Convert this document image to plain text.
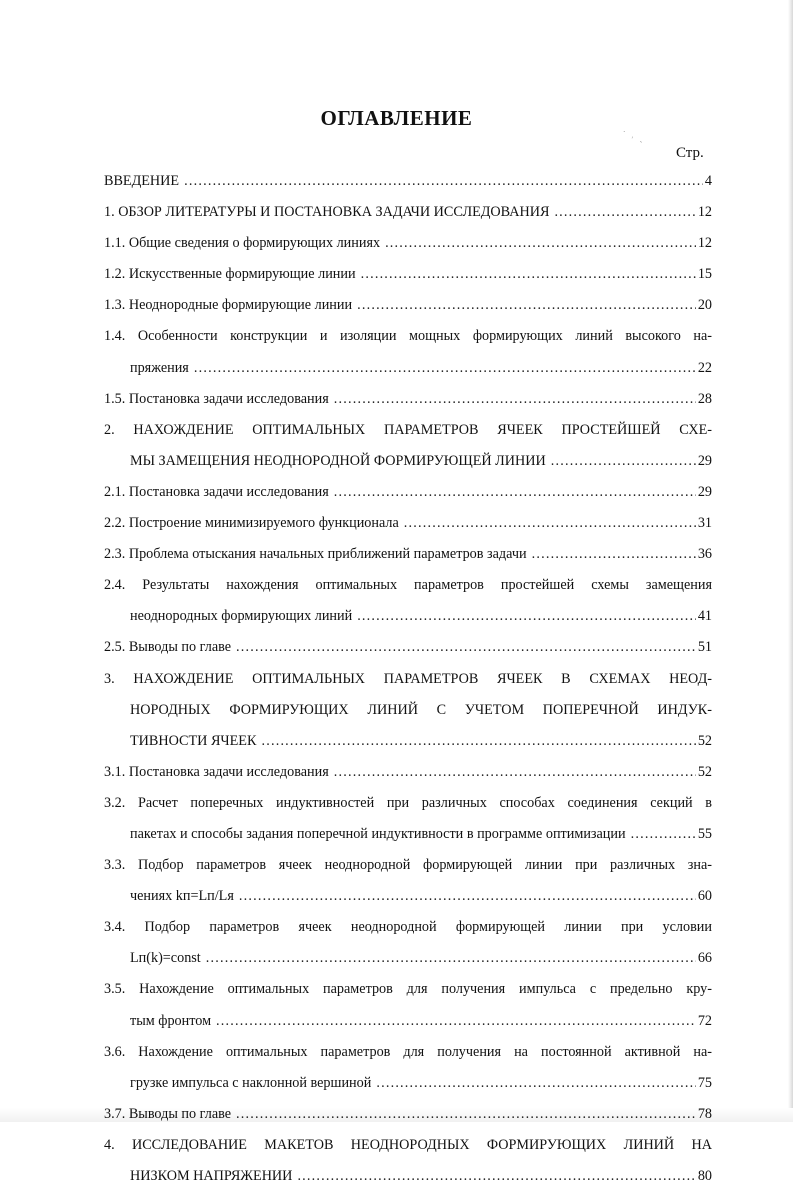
˙ ˒ ˎ
ОГЛАВЛЕНИЕ
Стр.
ВВЕДЕНИЕ .....	4
1. ОБЗОР ЛИТЕРАТУРЫ И ПОСТАНОВКА ЗАДАЧИ ИССЛЕДОВАНИЯ .....	12
1.1. Общие сведения о формирующих линиях .....	12
1.2. Искусственные формирующие линии .....	15
1.3. Неоднородные формирующие линии .....	20
1.4. Особенности конструкции и изоляции мощных формирующих линий высокого на-
пряжения .....	22
1.5. Постановка задачи исследования .....	28
2. НАХОЖДЕНИЕ ОПТИМАЛЬНЫХ ПАРАМЕТРОВ ЯЧЕЕК ПРОСТЕЙШЕЙ СХЕ-
МЫ ЗАМЕЩЕНИЯ НЕОДНОРОДНОЙ ФОРМИРУЮЩЕЙ ЛИНИИ .....	29
2.1. Постановка задачи исследования .....	29
2.2. Построение минимизируемого функционала .....	31
2.3. Проблема отыскания начальных приближений параметров задачи .....	36
2.4. Результаты нахождения оптимальных параметров простейшей схемы замещения
неоднородных формирующих линий .....	41
2.5. Выводы по главе .....	51
3. НАХОЖДЕНИЕ ОПТИМАЛЬНЫХ ПАРАМЕТРОВ ЯЧЕЕК В СХЕМАХ НЕОД-
НОРОДНЫХ ФОРМИРУЮЩИХ ЛИНИЙ С УЧЕТОМ ПОПЕРЕЧНОЙ ИНДУК-
ТИВНОСТИ ЯЧЕЕК .....	52
3.1. Постановка задачи исследования .....	52
3.2. Расчет поперечных индуктивностей при различных способах соединения секций в
пакетах и способы задания поперечной индуктивности в программе оптимизации .....	55
3.3. Подбор параметров ячеек неоднородной формирующей линии при различных зна-
чениях kп=Lп/Lя .....	60
3.4. Подбор параметров ячеек неоднородной формирующей линии при условии
Lп(k)=const .....	66
3.5. Нахождение оптимальных параметров для получения импульса с предельно кру-
тым фронтом .....	72
3.6. Нахождение оптимальных параметров для получения на постоянной активной на-
грузке импульса с наклонной вершиной .....	75
3.7. Выводы по главе .....	78
4. ИССЛЕДОВАНИЕ МАКЕТОВ НЕОДНОРОДНЫХ ФОРМИРУЮЩИХ ЛИНИЙ НА
НИЗКОМ НАПРЯЖЕНИИ .....	80
